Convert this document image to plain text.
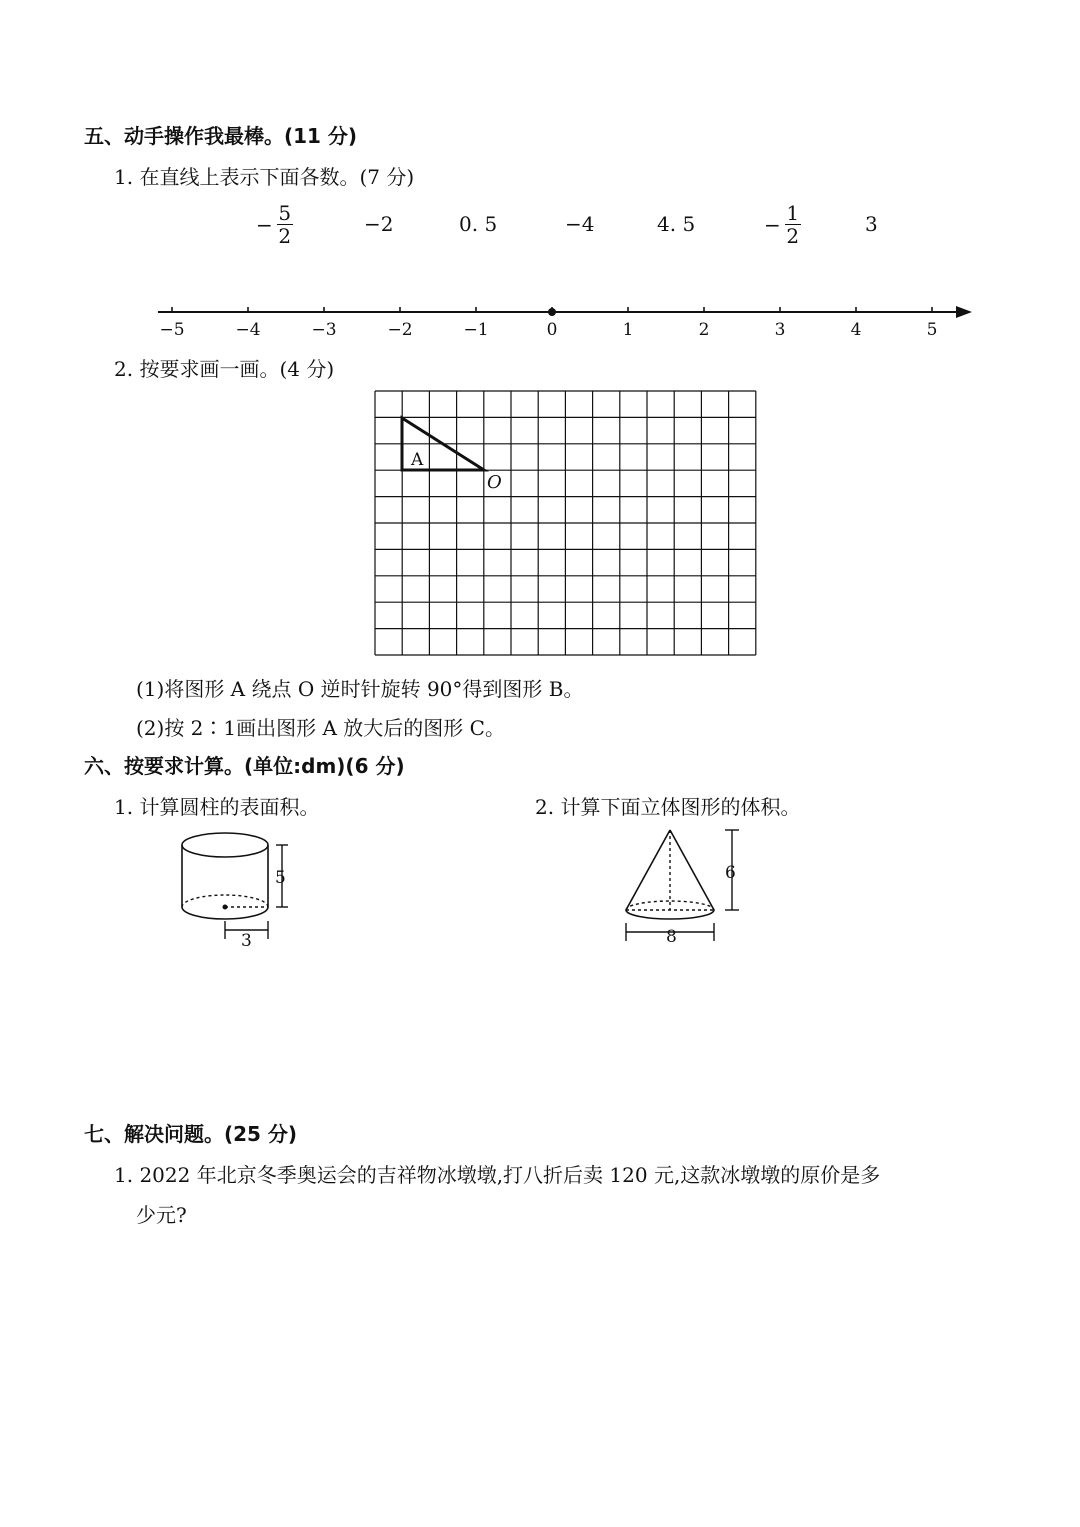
五、动手操作我最棒。(11 分)
1. 在直线上表示下面各数。(7 分)
− 5
2	−2	0. 5	−4	4. 5	− 1
2	3
−5	−4	−3	−2	−1	0	1	2	3	4	5
2. 按要求画一画。(4 分)
A
O
(1)将图形 A 绕点 O 逆时针旋转 90°得到图形 B。
(2)按 2∶1画出图形 A 放大后的图形 C。
六、按要求计算。(单位:dm)(6 分)
1. 计算圆柱的表面积。	2. 计算下面立体图形的体积。
5
3
6
8
七、解决问题。(25 分)
1. 2022 年北京冬季奥运会的吉祥物冰墩墩,打八折后卖 120 元,这款冰墩墩的原价是多
少元?
